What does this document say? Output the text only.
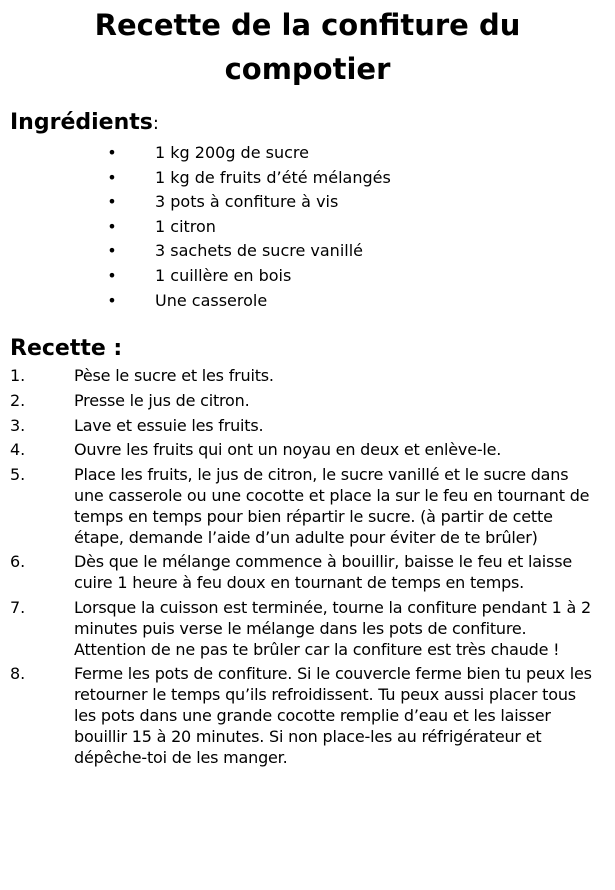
Recette de la confiture du compotier
Ingrédients:
• 1 kg 200g de sucre
• 1 kg de fruits d’été mélangés
• 3 pots à confiture à vis
• 1 citron
• 3 sachets de sucre vanillé
• 1 cuillère en bois
• Une casserole
Recette :
1.	Pèse le sucre et les fruits.
2.	Presse le jus de citron.
3.	Lave et essuie les fruits.
4.	Ouvre les fruits qui ont un noyau en deux et enlève-le.
5.	Place les fruits, le jus de citron, le sucre vanillé et le sucre dans une casserole ou une cocotte et place la sur le feu en tournant de temps en temps pour bien répartir le sucre. (à partir de cette étape, demande l’aide d’un adulte pour éviter de te brûler)
6.	Dès que le mélange commence à bouillir, baisse le feu et laisse cuire 1 heure à feu doux en tournant de temps en temps.
7.	Lorsque la cuisson est terminée, tourne la confiture pendant 1 à 2 minutes puis verse le mélange dans les pots de confiture. Attention de ne pas te brûler car la confiture est très chaude !
8.	Ferme les pots de confiture. Si le couvercle ferme bien tu peux les retourner le temps qu’ils refroidissent. Tu peux aussi placer tous les pots dans une grande cocotte remplie d’eau et les laisser bouillir 15 à 20 minutes. Si non place-les au réfrigérateur et dépêche-toi de les manger.
